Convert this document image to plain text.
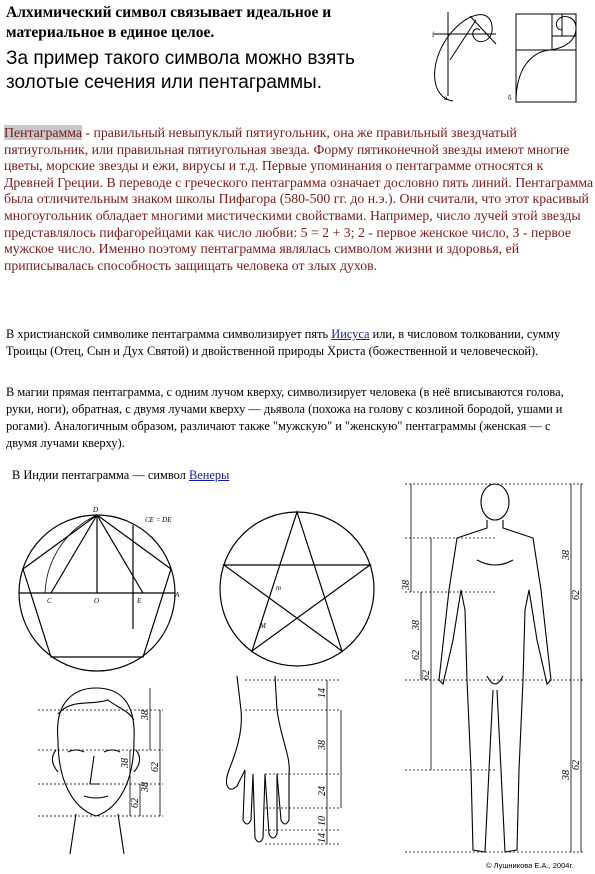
Алхимический символ связывает идеальное и материальное в единое целое.
За пример такого символа можно взять золотые сечения или пентаграммы.
f
a	б
Пентаграмма - правильный невыпуклый пятиугольник, она же правильный звездчатый пятиугольник, или правильная пятиугольная звезда. Форму пятиконечной звезды имеют многие цветы, морские звезды и ежи, вирусы и т.д. Первые упоминания о пентаграмме относятся к Древней Греции. В переводе с греческого пентаграмма означает дословно пять линий. Пентаграмма была отличительным знаком школы Пифагора (580-500 гг. до н.э.). Они считали, что этот красивый многоугольник обладает многими мистическими свойствами. Например, число лучей этой звезды представлялось пифагорейцами как число любви: 5 = 2 + 3; 2 - первое женское число, 3 - первое мужское число. Именно поэтому пентаграмма являлась символом жизни и здоровья, ей приписывалась способность защищать человека от злых духов.
В христианской символике пентаграмма символизирует пять Иисуса или, в числовом толковании, сумму Троицы (Отец, Сын и Дух Святой) и двойственной природы Христа (божественной и человеческой).
В магии прямая пентаграмма, с одним лучом кверху, символизирует человека (в неё вписываются голова, руки, ноги), обратная, с двумя лучами кверху — дьявола (похожа на голову с козлиной бородой, ушами и рогами). Аналогичным образом, различают также "мужскую" и "женскую" пентаграммы (женская — с двумя лучами кверху).
В Индии пентаграмма — символ Венеры
CE = DE
D
C	O	E
A
m
M
38
38
62
38
62
14
38
24
10
14
38
38
62
62
38
62
38
62
© Лушникова Е.А., 2004г.
